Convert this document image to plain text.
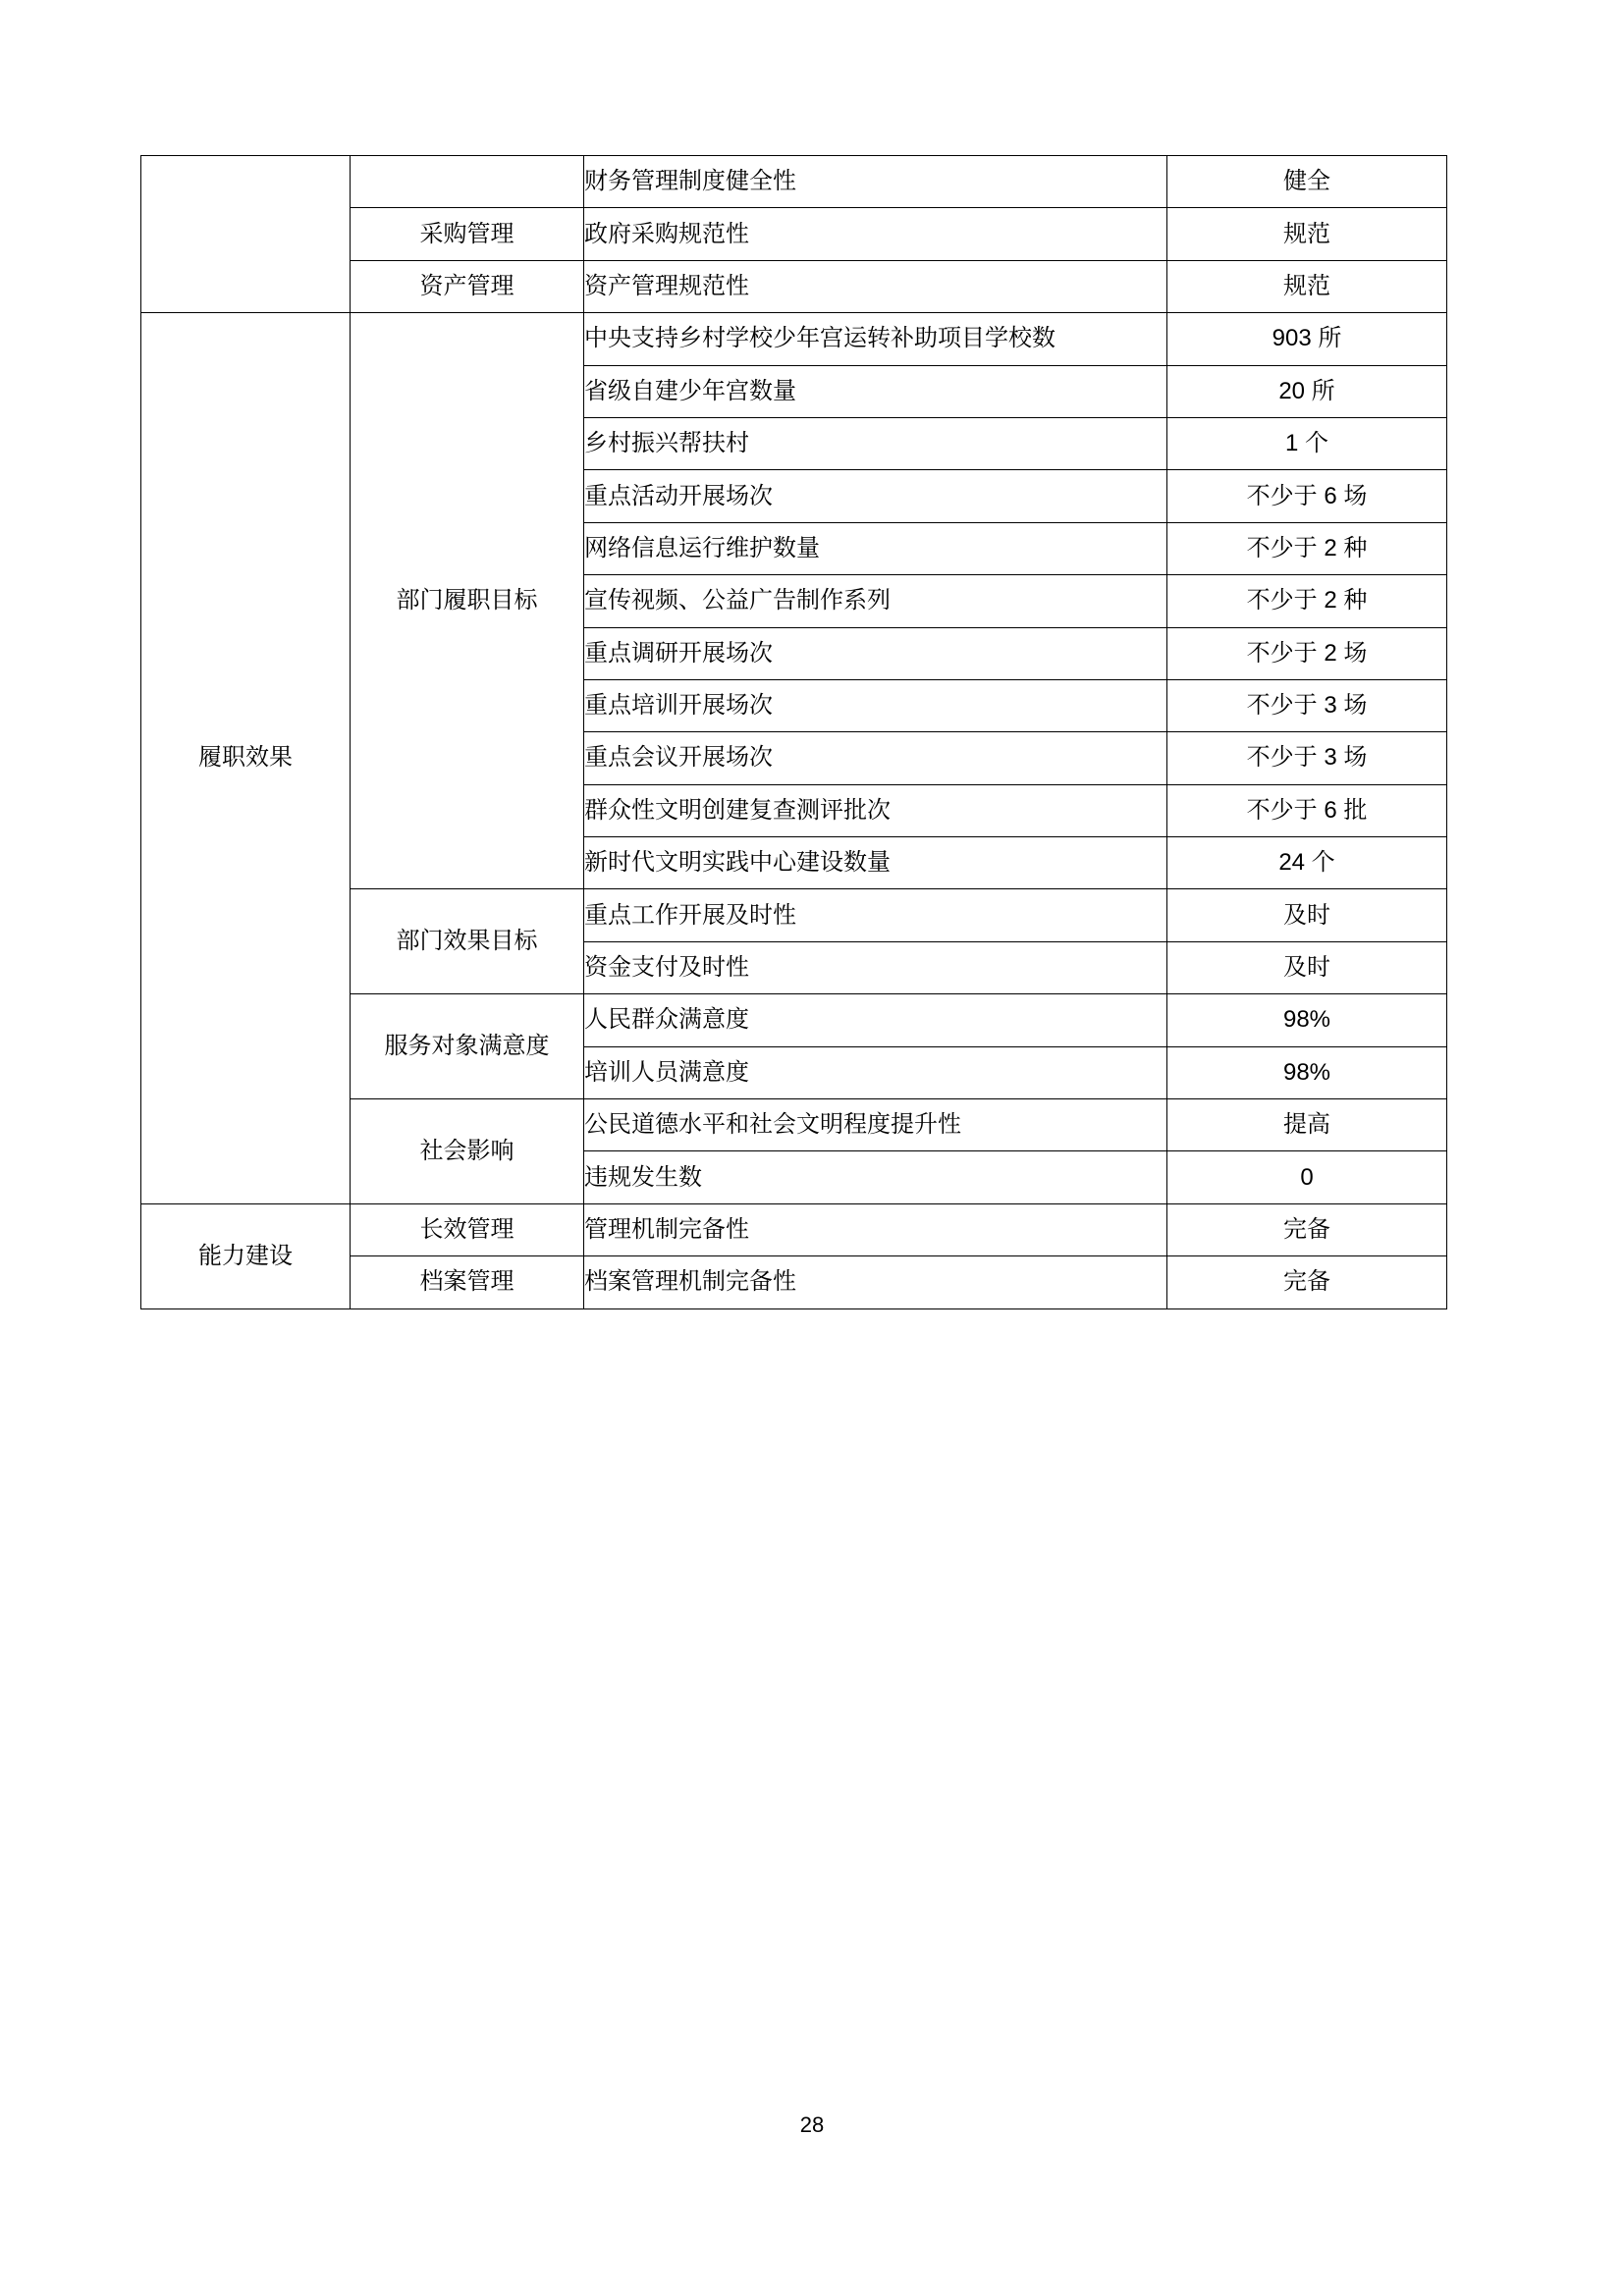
		财务管理制度健全性	健全
	采购管理	政府采购规范性	规范
	资产管理	资产管理规范性	规范
履职效果	部门履职目标	中央支持乡村学校少年宫运转补助项目学校数	903 所
		省级自建少年宫数量	20 所
		乡村振兴帮扶村	1 个
		重点活动开展场次	不少于 6 场
		网络信息运行维护数量	不少于 2 种
		宣传视频、公益广告制作系列	不少于 2 种
		重点调研开展场次	不少于 2 场
		重点培训开展场次	不少于 3 场
		重点会议开展场次	不少于 3 场
		群众性文明创建复查测评批次	不少于 6 批
		新时代文明实践中心建设数量	24 个
	部门效果目标	重点工作开展及时性	及时
		资金支付及时性	及时
	服务对象满意度	人民群众满意度	98%
		培训人员满意度	98%
	社会影响	公民道德水平和社会文明程度提升性	提高
		违规发生数	0
能力建设	长效管理	管理机制完备性	完备
	档案管理	档案管理机制完备性	完备
28
